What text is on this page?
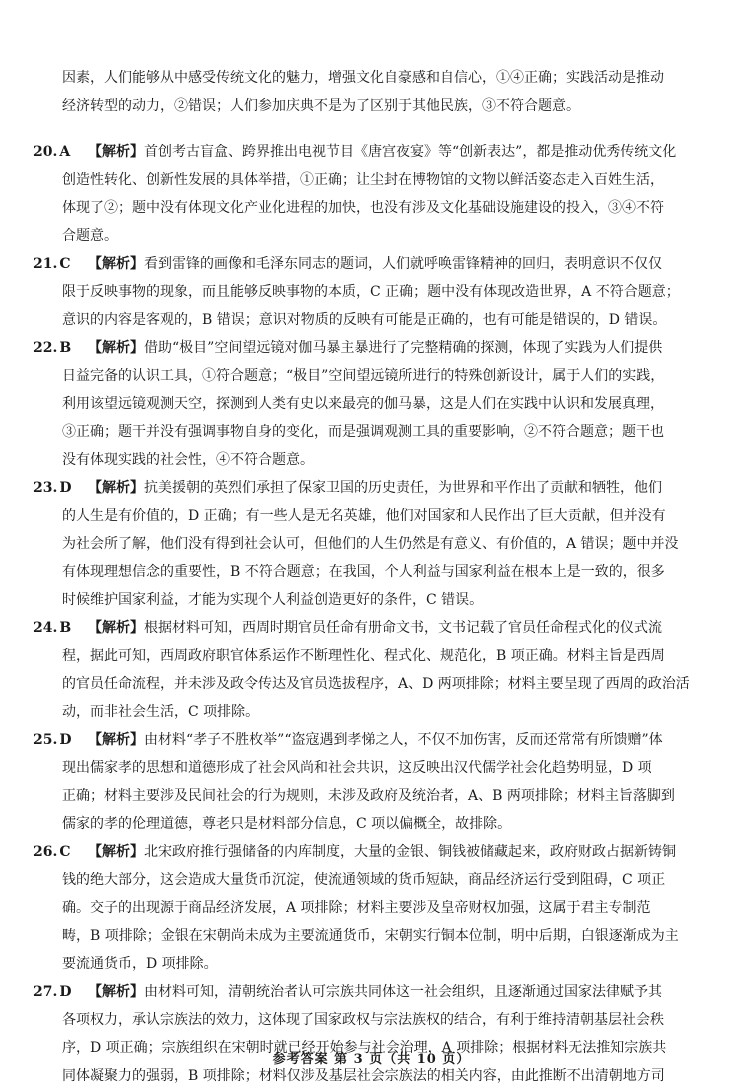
因素，人们能够从中感受传统文化的魅力，增强文化自豪感和自信心，①④正确；实践活动是推动
经济转型的动力，②错误；人们参加庆典不是为了区别于其他民族，③不符合题意。
20. A	【解析】首创考古盲盒、跨界推出电视节目《唐宫夜宴》等“创新表达”，都是推动优秀传统文化
创造性转化、创新性发展的具体举措，①正确；让尘封在博物馆的文物以鲜活姿态走入百姓生活，
体现了②；题中没有体现文化产业化进程的加快，也没有涉及文化基础设施建设的投入，③④不符
合题意。
21. C	【解析】看到雷锋的画像和毛泽东同志的题词，人们就呼唤雷锋精神的回归，表明意识不仅仅
限于反映事物的现象，而且能够反映事物的本质，C 正确；题中没有体现改造世界，A 不符合题意；
意识的内容是客观的，B 错误；意识对物质的反映有可能是正确的，也有可能是错误的，D 错误。
22. B	【解析】借助“极目”空间望远镜对伽马暴主暴进行了完整精确的探测，体现了实践为人们提供
日益完备的认识工具，①符合题意；“极目”空间望远镜所进行的特殊创新设计，属于人们的实践，
利用该望远镜观测天空，探测到人类有史以来最亮的伽马暴，这是人们在实践中认识和发展真理，
③正确；题干并没有强调事物自身的变化，而是强调观测工具的重要影响，②不符合题意；题干也
没有体现实践的社会性，④不符合题意。
23. D	【解析】抗美援朝的英烈们承担了保家卫国的历史责任，为世界和平作出了贡献和牺牲，他们
的人生是有价值的，D 正确；有一些人是无名英雄，他们对国家和人民作出了巨大贡献，但并没有
为社会所了解，他们没有得到社会认可，但他们的人生仍然是有意义、有价值的，A 错误；题中并没
有体现理想信念的重要性，B 不符合题意；在我国，个人利益与国家利益在根本上是一致的，很多
时候维护国家利益，才能为实现个人利益创造更好的条件，C 错误。
24. B	【解析】根据材料可知，西周时期官员任命有册命文书，文书记载了官员任命程式化的仪式流
程，据此可知，西周政府职官体系运作不断理性化、程式化、规范化，B 项正确。材料主旨是西周
的官员任命流程，并未涉及政令传达及官员选拔程序，A、D 两项排除；材料主要呈现了西周的政治活
动，而非社会生活，C 项排除。
25. D	【解析】由材料“孝子不胜枚举”“盗寇遇到孝悌之人，不仅不加伤害，反而还常常有所馈赠”体
现出儒家孝的思想和道德形成了社会风尚和社会共识，这反映出汉代儒学社会化趋势明显，D 项
正确；材料主要涉及民间社会的行为规则，未涉及政府及统治者，A、B 两项排除；材料主旨落脚到
儒家的孝的伦理道德，尊老只是材料部分信息，C 项以偏概全，故排除。
26. C	【解析】北宋政府推行强储备的内库制度，大量的金银、铜钱被储藏起来，政府财政占据新铸铜
钱的绝大部分，这会造成大量货币沉淀，使流通领域的货币短缺，商品经济运行受到阻碍，C 项正
确。交子的出现源于商品经济发展，A 项排除；材料主要涉及皇帝财权加强，这属于君主专制范
畴，B 项排除；金银在宋朝尚未成为主要流通货币，宋朝实行铜本位制，明中后期，白银逐渐成为主
要流通货币，D 项排除。
27. D	【解析】由材料可知，清朝统治者认可宗族共同体这一社会组织，且逐渐通过国家法律赋予其
各项权力，承认宗族法的效力，这体现了国家政权与宗法族权的结合，有利于维持清朝基层社会秩
序，D 项正确；宗族组织在宋朝时就已经开始参与社会治理，A 项排除；根据材料无法推知宗族共
同体凝聚力的强弱，B 项排除；材料仅涉及基层社会宗族法的相关内容，由此推断不出清朝地方司
参考答案 第 3 页（共 10 页）
